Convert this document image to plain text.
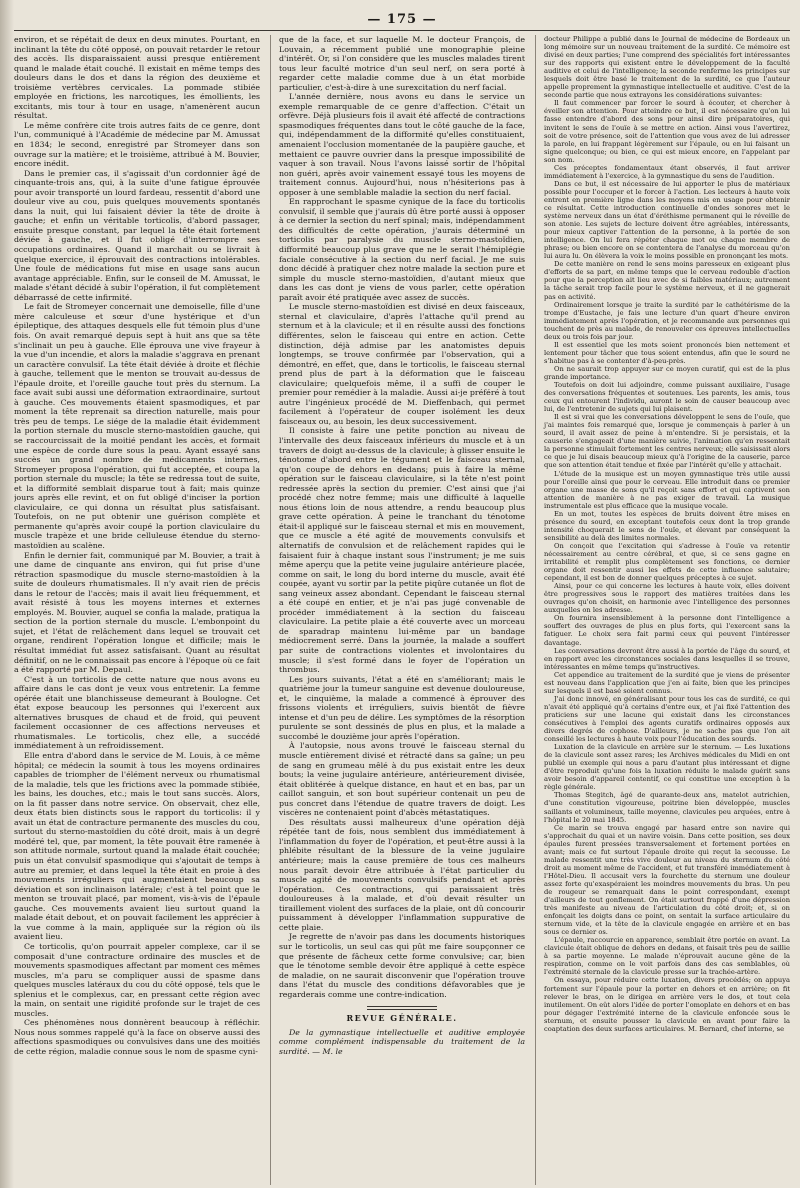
— 175 —

environ, et se répétait de deux en deux minutes. Pourtant, en inclinant la tête du côté opposé, on pouvait retarder le retour des accès. Ils disparaissaient aussi presque entièrement quand le malade était couché. Il existait en même temps des douleurs dans le dos et dans la région des deuxième et troisième vertèbres cervicales. La pommade stibiée employée en frictions, les narcotiques, les émollients, les excitants, mis tour à tour en usage, n'amenèrent aucun résultat.

Le même confrère cite trois autres faits de ce genre, dont l'un, communiqué à l'Académie de médecine par M. Amussat en 1834; le second, enregistré par Stromeyer dans son ouvrage sur la matière; et le troisième, attribué à M. Bouvier, encore inédit.

Dans le premier cas, il s'agissait d'un cordonnier âgé de cinquante-trois ans, qui, à la suite d'une fatigue éprouvée pour avoir transporté un lourd fardeau, ressentit d'abord une douleur vive au cou, puis quelques mouvements spontanés dans la nuit, qui lui faisaient dévier la tête de droite à gauche; et enfin un véritable torticolis, d'abord passager, ensuite presque constant, par lequel la tête était fortement déviée à gauche, et il fut obligé d'interrompre ses occupations ordinaires. Quand il marchait ou se livrait à quelque exercice, il éprouvait des contractions intolérables. Une foule de médications fut mise en usage sans aucun avantage appréciable. Enfin, sur le conseil de M. Amussat, le malade s'étant décidé à subir l'opération, il fut complètement débarrassé de cette infirmité.

Le fait de Stromeyer concernait une demoiselle, fille d'une mère calculeuse et sœur d'une hystérique et d'un épileptique, des attaques desquels elle fut témoin plus d'une fois. On avait remarqué depuis sept à huit ans que sa tête s'inclinait un peu à gauche. Elle éprouva une vive frayeur à la vue d'un incendie, et alors la maladie s'aggrava en prenant un caractère convulsif. La tête était déviée à droite et fléchie à gauche, tellement que le menton se trouvait au-dessus de l'épaule droite, et l'oreille gauche tout près du sternum. La face avait subi aussi une déformation extraordinaire, surtout à gauche. Ces mouvements étaient spasmodiques, et par moment la tête reprenait sa direction naturelle, mais pour très peu de temps. Le siége de la maladie était évidemment la portion sternale du muscle sterno-mastoïdien gauche, qui se raccourcissait de la moitié pendant les accès, et formait une espèce de corde dure sous la peau. Ayant essayé sans succès un grand nombre de médicaments internes, Stromeyer proposa l'opération, qui fut acceptée, et coupa la portion sternale du muscle; la tête se redressa tout de suite, et la difformité semblait disparue tout à fait; mais quinze jours après elle revint, et on fut obligé d'inciser la portion claviculaire, ce qui donna un résultat plus satisfaisant. Toutefois, on ne put obtenir une guérison complète et permanente qu'après avoir coupé la portion claviculaire du muscle trapèze et une bride celluleuse étendue du sterno-mastoïdien au scalène.

Enfin le dernier fait, communiqué par M. Bouvier, a trait à une dame de cinquante ans environ, qui fut prise d'une rétraction spasmodique du muscle sterno-mastoïdien à la suite de douleurs rhumatismales. Il n'y avait rien de précis dans le retour de l'accès; mais il avait lieu fréquemment, et avait résisté à tous les moyens internes et externes employés. M. Bouvier, auquel se confia la malade, pratiqua la section de la portion sternale du muscle. L'embonpoint du sujet, et l'état de relâchement dans lequel se trouvait cet organe, rendirent l'opération longue et difficile; mais le résultat immédiat fut assez satisfaisant. Quant au résultat définitif, on ne le connaissait pas encore à l'époque où ce fait a été rapporté par M. Depaul.

C'est à un torticolis de cette nature que nous avons eu affaire dans le cas dont je veux vous entretenir. La femme opérée était une blanchisseuse demeurant à Boulogne. Cet état expose beaucoup les personnes qui l'exercent aux alternatives brusques de chaud et de froid, qui peuvent facilement occasionner de ces affections nerveuses et rhumatismales. Le torticolis, chez elle, a succédé immédiatement à un refroidissement.

Elle entra d'abord dans le service de M. Louis, à ce même hôpital; ce médecin la soumit à tous les moyens ordinaires capables de triompher de l'élément nerveux ou rhumatismal de la maladie, tels que les frictions avec la pommade stibiée, les bains, les douches, etc.; mais le tout sans succès. Alors, on la fit passer dans notre service. On observait, chez elle, deux états bien distincts sous le rapport du torticolis: il y avait un état de contracture permanente des muscles du cou, surtout du sterno-mastoïdien du côté droit, mais à un degré modéré tel, que, par moment, la tête pouvait être ramenée à son attitude normale, surtout quand la malade était couchée; puis un état convulsif spasmodique qui s'ajoutait de temps à autre au premier, et dans lequel la tête était en proie à des mouvements irréguliers qui augmentaient beaucoup sa déviation et son inclinaison latérale; c'est à tel point que le menton se trouvait placé, par moment, vis-à-vis de l'épaule gauche. Ces mouvements avaient lieu surtout quand la malade était debout, et on pouvait facilement les apprécier à la vue comme à la main, appliquée sur la région où ils avaient lieu.

Ce torticolis, qu'on pourrait appeler complexe, car il se composait d'une contracture ordinaire des muscles et de mouvements spasmodiques affectant par moment ces mêmes muscles, m'a paru se compliquer aussi de spasme dans quelques muscles latéraux du cou du côté opposé, tels que le splenius et le complexus, car, en pressant cette région avec la main, on sentait une rigidité profonde sur le trajet de ces muscles.

Ces phénomènes nous donnèrent beaucoup à réfléchir. Nous nous sommes rappelé qu'à la face on observe aussi des affections spasmodiques ou convulsives dans une des moitiés de cette région, maladie connue sous le nom de spasme cyni-

que de la face, et sur laquelle M. le docteur François, de Louvain, a récemment publié une monographie pleine d'intérêt. Or, si l'on considère que les muscles malades tirent tous leur faculté motrice d'un seul nerf, on sera porté à regarder cette maladie comme due à un état morbide particulier, c'est-à-dire à une surexcitation du nerf facial.

L'année dernière, nous avons eu dans le service un exemple remarquable de ce genre d'affection. C'était un orfèvre. Déjà plusieurs fois il avait été affecté de contractions spasmodiques fréquentes dans tout le côté gauche de la face, qui, indépendamment de la difformité qu'elles constituaient, amenaient l'occlusion momentanée de la paupière gauche, et mettaient ce pauvre ouvrier dans la presque impossibilité de vaquer à son travail. Nous l'avons laissé sortir de l'hôpital non guéri, après avoir vainement essayé tous les moyens de traitement connus. Aujourd'hui, nous n'hésiterions pas à opposer à une semblable maladie la section du nerf facial.

En rapprochant le spasme cynique de la face du torticolis convulsif, il semble que j'aurais dû être porté aussi à opposer à ce dernier la section du nerf spinal; mais, indépendamment des difficultés de cette opération, j'aurais déterminé un torticolis par paralysie du muscle sterno-mastoïdien, difformité beaucoup plus grave que ne le serait l'hémiplégie faciale consécutive à la section du nerf facial. Je me suis donc décidé à pratiquer chez notre malade la section pure et simple du muscle sterno-mastoïdien, d'autant mieux que dans les cas dont je viens de vous parler, cette opération paraît avoir été pratiquée avec assez de succès.

Le muscle sterno-mastoïdien est divisé en deux faisceaux, sternal et claviculaire, d'après l'attache qu'il prend au sternum et à la clavicule; et il en résulte aussi des fonctions différentes, selon le faisceau qui entre en action. Cette distinction, déjà admise par les anatomistes depuis longtemps, se trouve confirmée par l'observation, qui a démontré, en effet, que, dans le torticolis, le faisceau sternal prend plus de part à la déformation que le faisceau claviculaire; quelquefois même, il a suffi de couper le premier pour remédier à la maladie. Aussi ai-je préféré à tout autre l'ingénieux procédé de M. Dieffenbach, qui permet facilement à l'opérateur de couper isolément les deux faisceaux ou, au besoin, les deux successivement.

Il consiste à faire une petite ponction au niveau de l'intervalle des deux faisceaux inférieurs du muscle et à un travers de doigt au-dessus de la clavicule; à glisser ensuite le ténotome d'abord entre le tégument et le faisceau sternal, qu'on coupe de dehors en dedans; puis à faire la même opération sur le faisceau claviculaire, si la tête n'est point redressée après la section du premier. C'est ainsi que j'ai procédé chez notre femme; mais une difficulté à laquelle nous étions loin de nous attendre, a rendu beaucoup plus grave cette opération. À peine le tranchant du ténotome était-il appliqué sur le faisceau sternal et mis en mouvement, que ce muscle a été agité de mouvements convulsifs et alternatifs de convulsion et de relâchement rapides qui le faisaient fuir à chaque instant sous l'instrument; je me suis même aperçu que la petite veine jugulaire antérieure placée, comme on sait, le long du bord interne du muscle, avait été coupée, ayant vu sortir par la petite piqûre cutanée un flot de sang veineux assez abondant. Cependant le faisceau sternal a été coupé en entier, et je n'ai pas jugé convenable de procéder immédiatement à la section du faisceau claviculaire. La petite plaie a été couverte avec un morceau de sparadrap maintenu lui-même par un bandage médiocrement serré. Dans la journée, la malade a souffert par suite de contractions violentes et involontaires du muscle; il s'est formé dans le foyer de l'opération un thrombus.

Les jours suivants, l'état a été en s'améliorant; mais le quatrième jour la tumeur sanguine est devenue douloureuse, et, le cinquième, la malade a commencé à éprouver des frissons violents et irréguliers, suivis bientôt de fièvre intense et d'un peu de délire. Les symptômes de la résorption purulente se sont dessinés de plus en plus, et la malade a succombé le douzième jour après l'opération.

À l'autopsie, nous avons trouvé le faisceau sternal du muscle entièrement divisé et rétracté dans sa gaîne; un peu de sang en grumeau mêlé à du pus existait entre les deux bouts; la veine jugulaire antérieure, antérieurement divisée, était oblitérée à quelque distance, en haut et en bas, par un caillot sanguin, et son bout supérieur contenait un peu de pus concret dans l'étendue de quatre travers de doigt. Les viscères ne contenaient point d'abcès métastatiques.

Des résultats aussi malheureux d'une opération déjà répétée tant de fois, nous semblent dus immédiatement à l'inflammation du foyer de l'opération, et peut-être aussi à la phlébite résultant de la blessure de la veine jugulaire antérieure; mais la cause première de tous ces malheurs nous paraît devoir être attribuée à l'état particulier du muscle agité de mouvements convulsifs pendant et après l'opération. Ces contractions, qui paraissaient très douloureuses à la malade, et d'où devait résulter un tiraillement violent des surfaces de la plaie, ont dû concourir puissamment à développer l'inflammation suppurative de cette plaie.

Je regrette de n'avoir pas dans les documents historiques sur le torticolis, un seul cas qui pût me faire soupçonner ce que présente de fâcheux cette forme convulsive; car, bien que le ténotome semble devoir être appliqué à cette espèce de maladie, on ne saurait disconvenir que l'opération trouve dans l'état du muscle des conditions défavorables que je regarderais comme une contre-indication.

REVUE GÉNÉRALE.

De la gymnastique intellectuelle et auditive employée comme complément indispensable du traitement de la surdité. — M. le

docteur Philippe a publié dans le Journal de médecine de Bordeaux un long mémoire sur un nouveau traitement de la surdité. Ce mémoire est divisé en deux parties; l'une comprend des spécialités fort intéressantes sur des rapports qui existent entre le développement de la faculté auditive et celui de l'intelligence; la seconde renferme les principes sur lesquels doit être basé le traitement de la surdité, ce que l'auteur appelle proprement la gymnastique intellectuelle et auditive. C'est de la seconde partie que nous extrayons les considérations suivantes:

Il faut commencer par forcer le sourd à écouter, et chercher à éveiller son attention. Pour atteindre ce but, il est nécessaire qu'on lui fasse entendre d'abord des sons pour ainsi dire préparatoires, qui invitent le sens de l'ouïe à se mettre en action. Ainsi vous l'avertirez, soit de votre présence, soit de l'attention que vous avez de lui adresser la parole, en lui frappant légèrement sur l'épaule, ou en lui faisant un signe quelconque; ou bien, ce qui est mieux encore, en l'appelant par son nom.

Ces préceptes fondamentaux étant observés, il faut arriver immédiatement à l'exercice, à la gymnastique du sens de l'audition.

Dans ce but, il est nécessaire de lui apporter le plus de matériaux possible pour l'occuper et le forcer à l'action. Les lecteurs à haute voix entrent en première ligne dans les moyens mis en usage pour obtenir ce résultat. Cette introduction continuelle d'ondes sonores met le système nerveux dans un état d'éréthisme permanent qui le réveille de son atonie. Les sujets de lecture doivent être agréables, intéressants, pour mieux captiver l'attention de la personne, à la portée de son intelligence. On lui fera répéter chaque mot ou chaque membre de phrase; ou bien encore on se contentera de l'analyse du morceau qu'on lui aura lu. On élèvera la voix le moins possible en prononçant les mots.

De cette manière on rend le sens moins paresseux en exigeant plus d'efforts de sa part, en même temps que le cerveau redouble d'action pour que la perception ait lieu avec de si faibles matériaux; autrement la tâche serait trop facile pour le système nerveux, et il ne gagnerait pas en activité.

Ordinairement lorsque je traite la surdité par le cathétérisme de la trompe d'Eustache, je fais une lecture d'un quart d'heure environ immédiatement après l'opération, et je recommande aux personnes qui touchent de près au malade, de renouveler ces épreuves intellectuelles deux ou trois fois par jour.

Il est essentiel que les mots soient prononcés bien nettement et lentement pour tâcher que tous soient entendus, afin que le sourd ne s'habitue pas à se contenter d'à-peu-près.

On ne saurait trop appuyer sur ce moyen curatif, qui est de la plus grande importance.

Toutefois on doit lui adjoindre, comme puissant auxiliaire, l'usage des conversations fréquentes et soutenues. Les parents, les amis, tous ceux qui entourent l'individu, auront le soin de causer beaucoup avec lui, de l'entretenir de sujets qui lui plaisent.

Il est si vrai que les conversations développent le sens de l'ouïe, que j'ai maintes fois remarqué que, lorsque je commençais à parler à un sourd, il avait assez de peine à m'entendre. Si je persistais, et la causerie s'engageait d'une manière suivie, l'animation qu'en ressentait la personne stimulait fortement les centres nerveux; elle saisissait alors ce que je lui disais beaucoup mieux qu'à l'origine de la causerie, parce que son attention était tendue et fixée par l'intérêt qu'elle y attachait.

L'étude de la musique est un moyen gymnastique très utile aussi pour l'oreille ainsi que pour le cerveau. Elle introduit dans ce premier organe une masse de sons qu'il reçoit sans effort et qui captivent son attention de manière à ne pas exiger de travail. La musique instrumentale est plus efficace que la musique vocale.

En un mot, toutes les espèces de bruits doivent être mises en présence du sourd, en exceptant toutefois ceux dont la trop grande intensité choquerait le sens de l'ouïe, et élevant par conséquent la sensibilité au delà des limites normales.

On conçoit que l'excitation qui s'adresse à l'ouïe va retentir nécessairement au centre cérébral, et que, si ce sens gagne en irritabilité et remplit plus complètement ses fonctions, ce dernier organe doit ressentir aussi les effets de cette influence salutaire; cependant, il est bon de donner quelques préceptes à ce sujet.

Ainsi, pour ce qui concerne les lectures à haute voix, elles doivent être progressives sous le rapport des matières traitées dans les ouvrages qu'on choisit, en harmonie avec l'intelligence des personnes auxquelles on les adresse.

On fournira insensiblement à la personne dont l'intelligence a souffert des ouvrages de plus en plus forts, qui l'exercent sans la fatiguer. Le choix sera fait parmi ceux qui peuvent l'intéresser davantage.

Les conversations devront être aussi à la portée de l'âge du sourd, et en rapport avec les circonstances sociales dans lesquelles il se trouve, intéressantes en même temps qu'instructives.

Cet appendice au traitement de la surdité que je viens de présenter est nouveau dans l'application que j'en ai faite, bien que les principes sur lesquels il est basé soient connus.

J'ai donc innové, en généralisant pour tous les cas de surdité, ce qui n'avait été appliqué qu'à certains d'entre eux, et j'ai fixé l'attention des praticiens sur une lacune qui existait dans les circonstances consécutives à l'emploi des agents curatifs ordinaires opposés aux divers degrés de cophose. D'ailleurs, je ne sache pas que l'on ait conseillé les lectures à haute voix pour l'éducation des sourds.

Luxation de la clavicule en arrière sur le sternum. — Les luxations de la clavicule sont assez rares; les Archives médicales du Midi en ont publié un exemple qui nous a paru d'autant plus intéressant et digne d'être reproduit qu'une fois la luxation réduite le malade guérit sans avoir besoin d'appareil contentif, ce qui constitue une exception à la règle générale.

Thomas Stegitch, âgé de quarante-deux ans, matelot autrichien, d'une constitution vigoureuse, poitrine bien développée, muscles saillants et volumineux, taille moyenne, clavicules peu arquées, entre à l'hôpital le 20 mai 1845.

Ce marin se trouva engagé par hasard entre son navire qui s'approchait du quai et un navire voisin. Dans cette position, ses deux épaules furent pressées transversalement et fortement portées en avant; mais ce fut surtout l'épaule droite qui reçut la secousse. Le malade ressentit une très vive douleur au niveau du sternum du côté droit au moment même de l'accident, et fut transféré immédiatement à l'Hôtel-Dieu. Il accusait vers la fourchette du sternum une douleur assez forte qu'exaspéraient les moindres mouvements du bras. Un peu de rougeur se remarquait dans le point correspondant, exempt d'ailleurs de tout gonflement. On était surtout frappé d'une dépression très manifeste au niveau de l'articulation du côté droit; et, si on enfonçait les doigts dans ce point, on sentait la surface articulaire du sternum vide, et la tête de la clavicule engagée en arrière et en bas sous ce dernier os.

L'épaule, raccourcie en apparence, semblait être portée en avant. La clavicule était oblique de dehors en dedans, et faisait très peu de saillie à sa partie moyenne. Le malade n'éprouvait aucune gêne de la respiration, comme on le voit parfois dans des cas semblables, où l'extrémité sternale de la clavicule presse sur la trachée-artère.

On essaya, pour réduire cette luxation, divers procédés; on appuya fortement sur l'épaule pour la porter en dehors et en arrière; on fit relever le bras, on le dirigea en arrière vers le dos, et tout cela inutilement. On eût alors l'idée de porter l'omoplate en dehors et en bas pour dégager l'extrémité interne de la clavicule enfoncée sous le sternum, et ensuite pousser la clavicule en avant pour faire la coaptation des deux surfaces articulaires. M. Bernard, chef interne, se
